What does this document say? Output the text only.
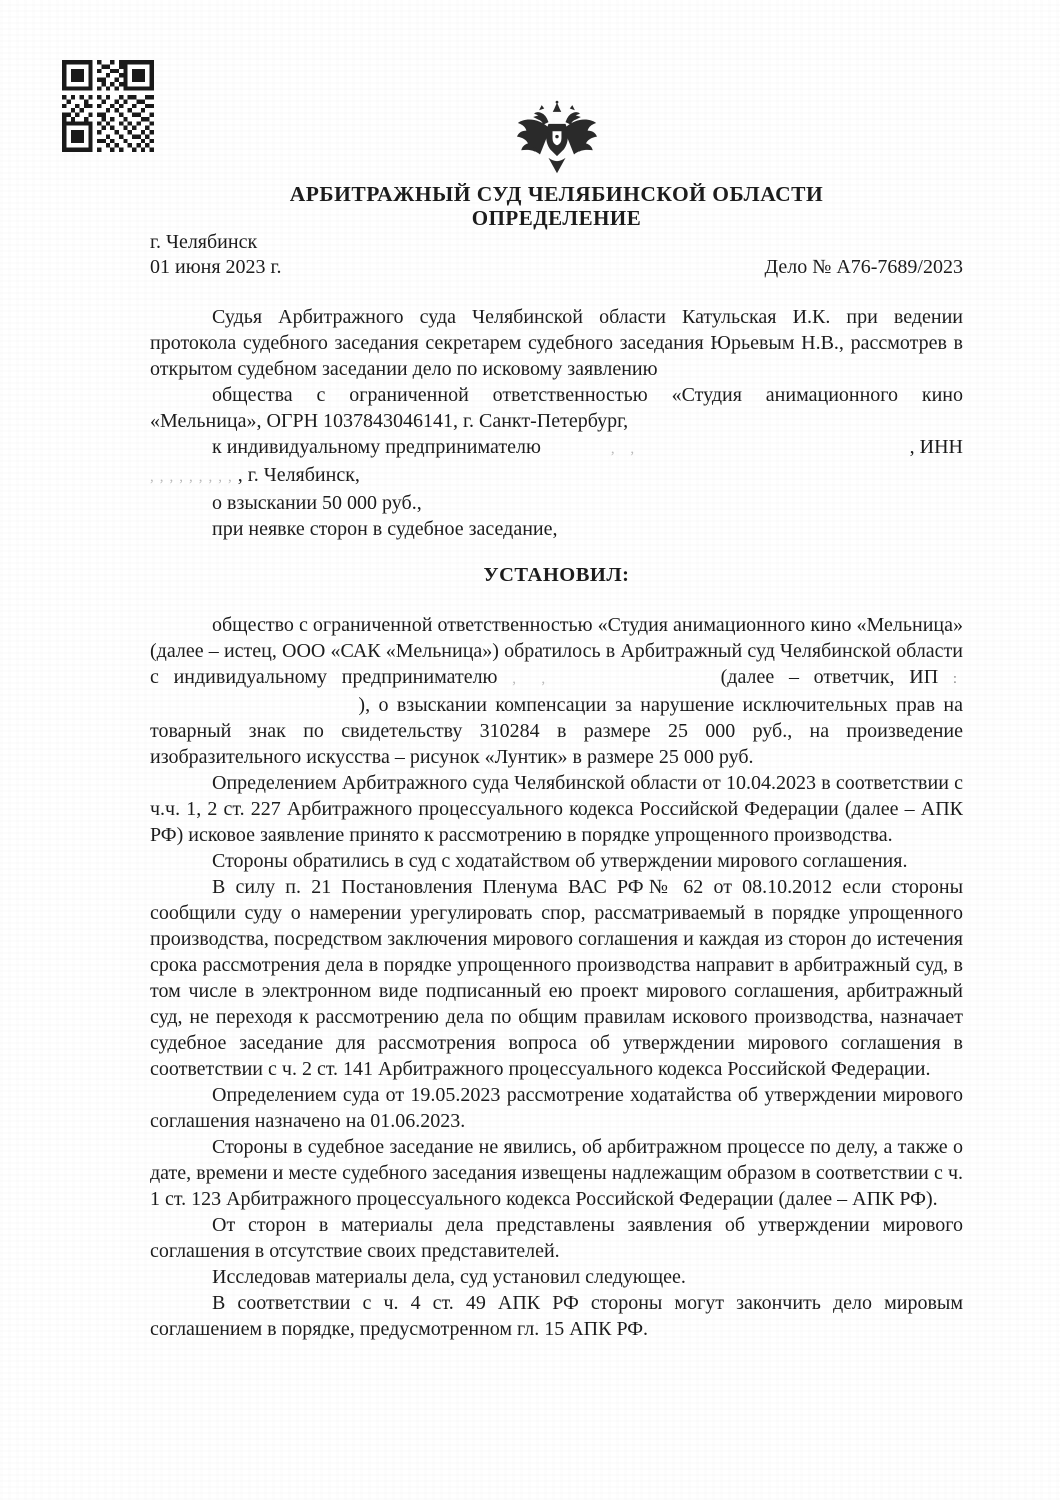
АРБИТРАЖНЫЙ СУД ЧЕЛЯБИНСКОЙ ОБЛАСТИ
ОПРЕДЕЛЕНИЕ
г. Челябинск
01 июня 2023 г.	Дело № А76-7689/2023

Судья Арбитражного суда Челябинской области Катульская И.К. при ведении протокола судебного заседания секретарем судебного заседания Юрьевым Н.В., рассмотрев в открытом судебном заседании дело по исковому заявлению

общества с ограниченной ответственностью «Студия анимационного кино «Мельница», ОГРН 1037843046141, г. Санкт-Петербург,

к индивидуальному предпринимателю	, ,	, ИНН
,,,,,,,,, , г. Челябинск,

о взыскании 50 000 руб.,

при неявке сторон в судебное заседание,

УСТАНОВИЛ:

общество с ограниченной ответственностью «Студия анимационного кино «Мельница» (далее – истец, ООО «САК «Мельница») обратилось в Арбитражный суд Челябинской области с индивидуальному предпринимателю , ,	(далее – ответчик, ИП :  ), о взыскании компенсации за нарушение исключительных прав на товарный знак по свидетельству 310284 в размере 25 000 руб., на произведение изобразительного искусства – рисунок «Лунтик» в размере 25 000 руб.

Определением Арбитражного суда Челябинской области от 10.04.2023 в соответствии с ч.ч. 1, 2 ст. 227 Арбитражного процессуального кодекса Российской Федерации (далее – АПК РФ) исковое заявление принято к рассмотрению в порядке упрощенного производства.

Стороны обратились в суд с ходатайством об утверждении мирового соглашения.

В силу п. 21 Постановления Пленума ВАС РФ№ 62 от 08.10.2012 если стороны сообщили суду о намерении урегулировать спор, рассматриваемый в порядке упрощенного производства, посредством заключения мирового соглашения и каждая из сторон до истечения срока рассмотрения дела в порядке упрощенного производства направит в арбитражный суд, в том числе в электронном виде подписанный ею проект мирового соглашения, арбитражный суд, не переходя к рассмотрению дела по общим правилам искового производства, назначает судебное заседание для рассмотрения вопроса об утверждении мирового соглашения в соответствии с ч. 2 ст. 141 Арбитражного процессуального кодекса Российской Федерации.

Определением суда от 19.05.2023 рассмотрение ходатайства об утверждении мирового соглашения назначено на 01.06.2023.

Стороны в судебное заседание не явились, об арбитражном процессе по делу, а также о дате, времени и месте судебного заседания извещены надлежащим образом в соответствии с ч. 1 ст. 123 Арбитражного процессуального кодекса Российской Федерации (далее – АПК РФ).

От сторон в материалы дела представлены заявления об утверждении мирового соглашения в отсутствие своих представителей.

Исследовав материалы дела, суд установил следующее.

В соответствии с ч. 4 ст. 49 АПК РФ стороны могут закончить дело мировым соглашением в порядке, предусмотренном гл. 15 АПК РФ.
